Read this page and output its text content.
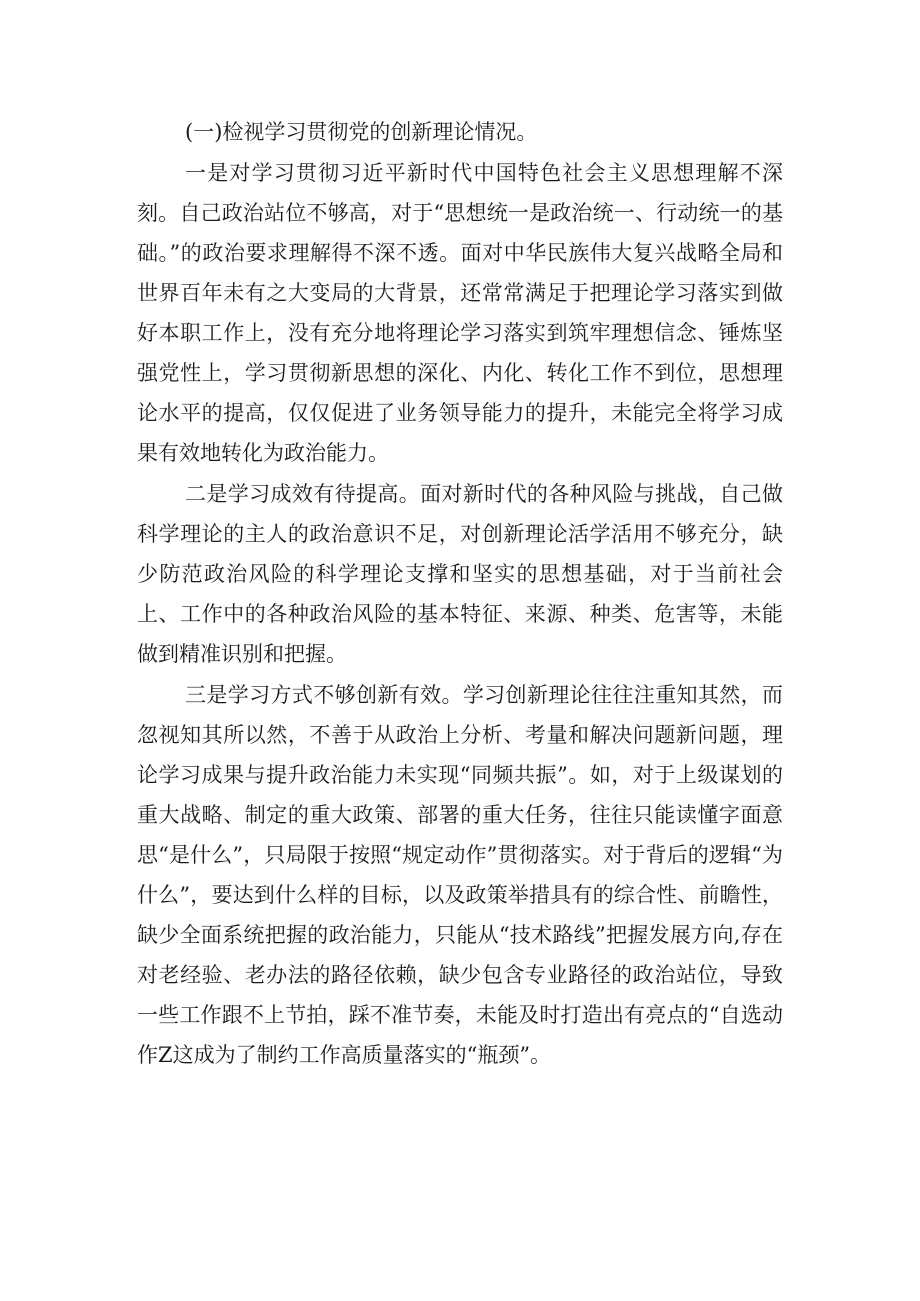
(一)检视学习贯彻党的创新理论情况。

一是对学习贯彻习近平新时代中国特色社会主义思想理解不深刻。自己政治站位不够高，对于“思想统一是政治统一、行动统一的基础。”的政治要求理解得不深不透。面对中华民族伟大复兴战略全局和世界百年未有之大变局的大背景，还常常满足于把理论学习落实到做好本职工作上，没有充分地将理论学习落实到筑牢理想信念、锤炼坚强党性上，学习贯彻新思想的深化、内化、转化工作不到位，思想理论水平的提高，仅仅促进了业务领导能力的提升，未能完全将学习成果有效地转化为政治能力。

二是学习成效有待提高。面对新时代的各种风险与挑战，自己做科学理论的主人的政治意识不足，对创新理论活学活用不够充分，缺少防范政治风险的科学理论支撑和坚实的思想基础，对于当前社会上、工作中的各种政治风险的基本特征、来源、种类、危害等，未能做到精准识别和把握。

三是学习方式不够创新有效。学习创新理论往往注重知其然，而忽视知其所以然，不善于从政治上分析、考量和解决问题新问题，理论学习成果与提升政治能力未实现“同频共振”。如，对于上级谋划的重大战略、制定的重大政策、部署的重大任务，往往只能读懂字面意思“是什么”，只局限于按照“规定动作”贯彻落实。对于背后的逻辑“为什么”，要达到什么样的目标，以及政策举措具有的综合性、前瞻性，缺少全面系统把握的政治能力，只能从“技术路线”把握发展方向,存在对老经验、老办法的路径依赖，缺少包含专业路径的政治站位，导致一些工作跟不上节拍，踩不准节奏，未能及时打造出有亮点的“自选动作Z这成为了制约工作高质量落实的“瓶颈”。
